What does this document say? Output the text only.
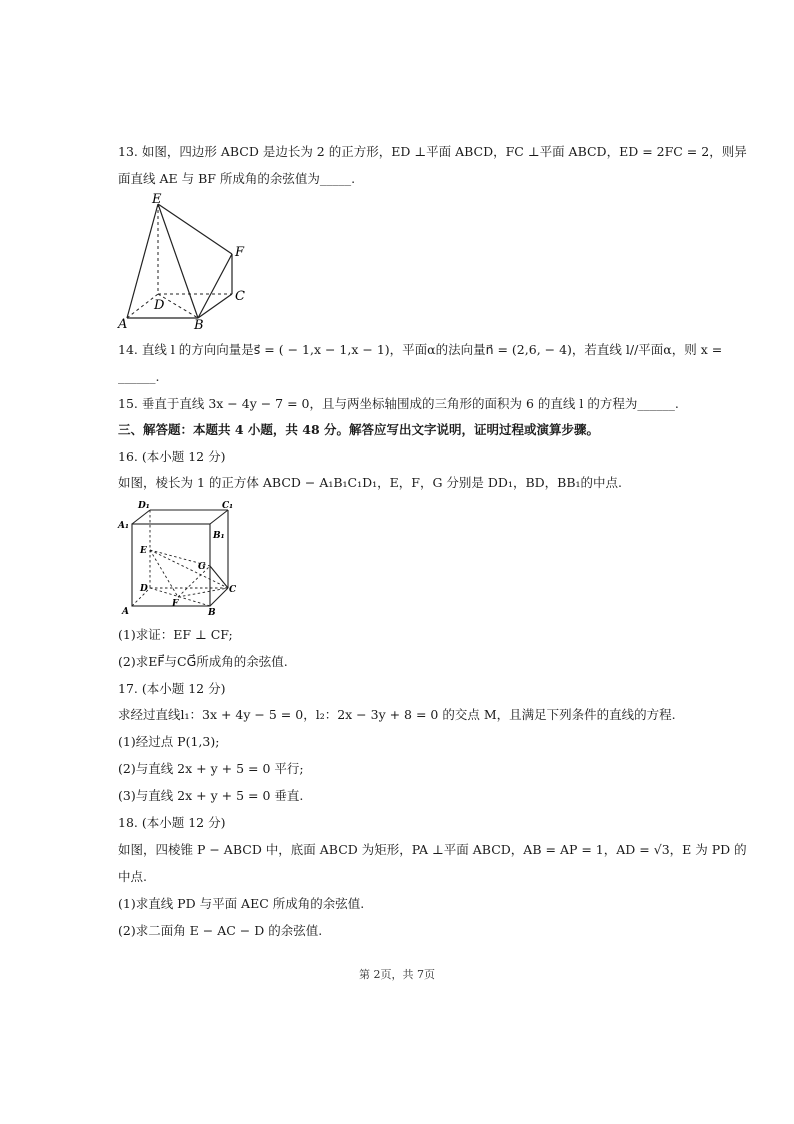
13. 如图，四边形 ABCD 是边长为 2 的正方形，ED ⊥平面 ABCD，FC ⊥平面 ABCD，ED = 2FC = 2，则异
面直线 AE 与 BF 所成角的余弦值为_____.
E
F
C
D
A	B
14. 直线 l 的方向向量是s⃗ = ( − 1,x − 1,x − 1)，平面α的法向量n⃗ = (2,6, − 4)，若直线 l//平面α，则 x =
______.
15. 垂直于直线 3x − 4y − 7 = 0，且与两坐标轴围成的三角形的面积为 6 的直线 l 的方程为______.
三、解答题：本题共 4 小题，共 48 分。解答应写出文字说明，证明过程或演算步骤。
16. (本小题 12 分)
如图，棱长为 1 的正方体 ABCD − A₁B₁C₁D₁，E，F，G 分别是 DD₁，BD，BB₁的中点.
D₁	C₁
A₁
B₁
E
G
D	C
F
A	B
(1)求证：EF ⊥ CF;
(2)求EF⃗与CG⃗所成角的余弦值.
17. (本小题 12 分)
求经过直线l₁：3x + 4y − 5 = 0，l₂：2x − 3y + 8 = 0 的交点 M，且满足下列条件的直线的方程.
(1)经过点 P(1,3);
(2)与直线 2x + y + 5 = 0 平行;
(3)与直线 2x + y + 5 = 0 垂直.
18. (本小题 12 分)
如图，四棱锥 P − ABCD 中，底面 ABCD 为矩形，PA ⊥平面 ABCD，AB = AP = 1，AD = √3，E 为 PD 的
中点.
(1)求直线 PD 与平面 AEC 所成角的余弦值.
(2)求二面角 E − AC − D 的余弦值.
第 2页，共 7页
